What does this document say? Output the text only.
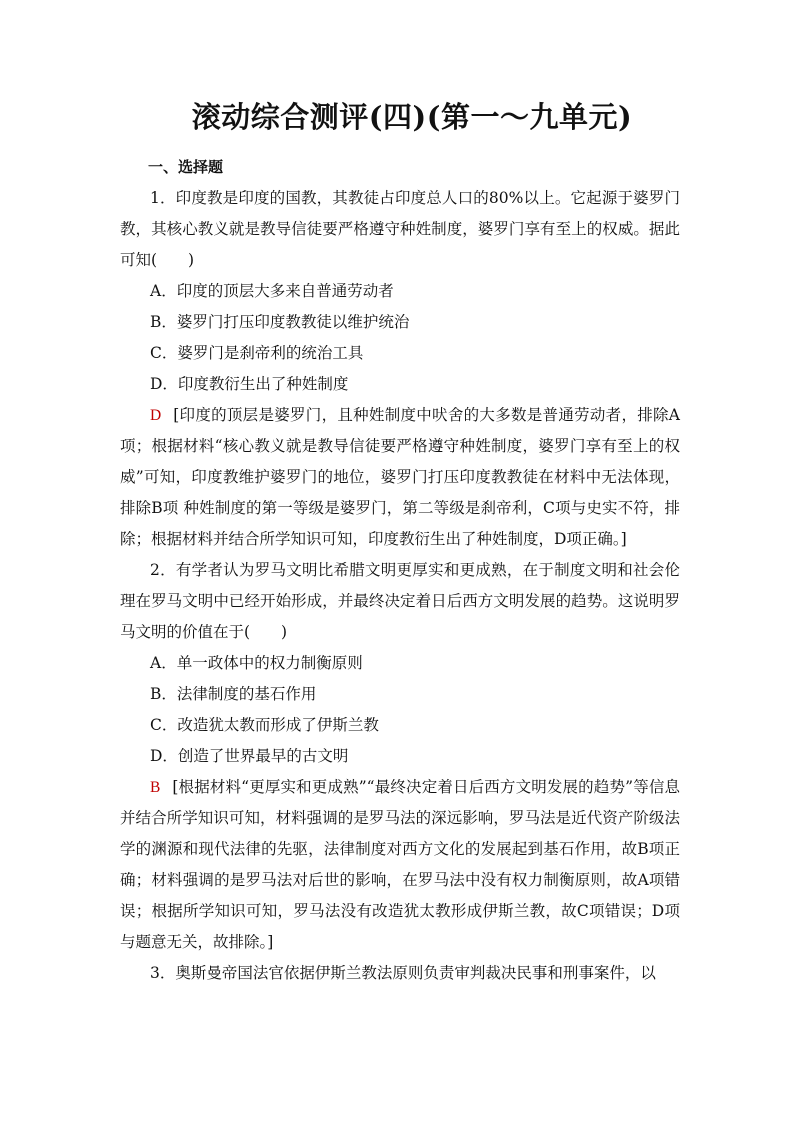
滚动综合测评(四)(第一～九单元)
一、选择题

1．印度教是印度的国教，其教徒占印度总人口的80%以上。它起源于婆罗门教，其核心教义就是教导信徒要严格遵守种姓制度，婆罗门享有至上的权威。据此可知(　　)

A．印度的顶层大多来自普通劳动者

B．婆罗门打压印度教教徒以维护统治

C．婆罗门是刹帝利的统治工具

D．印度教衍生出了种姓制度

D [印度的顶层是婆罗门，且种姓制度中吠舍的大多数是普通劳动者，排除A项；根据材料“核心教义就是教导信徒要严格遵守种姓制度，婆罗门享有至上的权威”可知，印度教维护婆罗门的地位，婆罗门打压印度教教徒在材料中无法体现，排除B项 种姓制度的第一等级是婆罗门，第二等级是刹帝利，C项与史实不符，排除；根据材料并结合所学知识可知，印度教衍生出了种姓制度，D项正确。]

2．有学者认为罗马文明比希腊文明更厚实和更成熟，在于制度文明和社会伦理在罗马文明中已经开始形成，并最终决定着日后西方文明发展的趋势。这说明罗马文明的价值在于(　　)

A．单一政体中的权力制衡原则

B．法律制度的基石作用

C．改造犹太教而形成了伊斯兰教

D．创造了世界最早的古文明

B [根据材料“更厚实和更成熟”“最终决定着日后西方文明发展的趋势”等信息并结合所学知识可知，材料强调的是罗马法的深远影响，罗马法是近代资产阶级法学的渊源和现代法律的先驱，法律制度对西方文化的发展起到基石作用，故B项正确；材料强调的是罗马法对后世的影响，在罗马法中没有权力制衡原则，故A项错误；根据所学知识可知，罗马法没有改造犹太教形成伊斯兰教，故C项错误；D项与题意无关，故排除。]

3．奥斯曼帝国法官依据伊斯兰教法原则负责审判裁决民事和刑事案件，以
